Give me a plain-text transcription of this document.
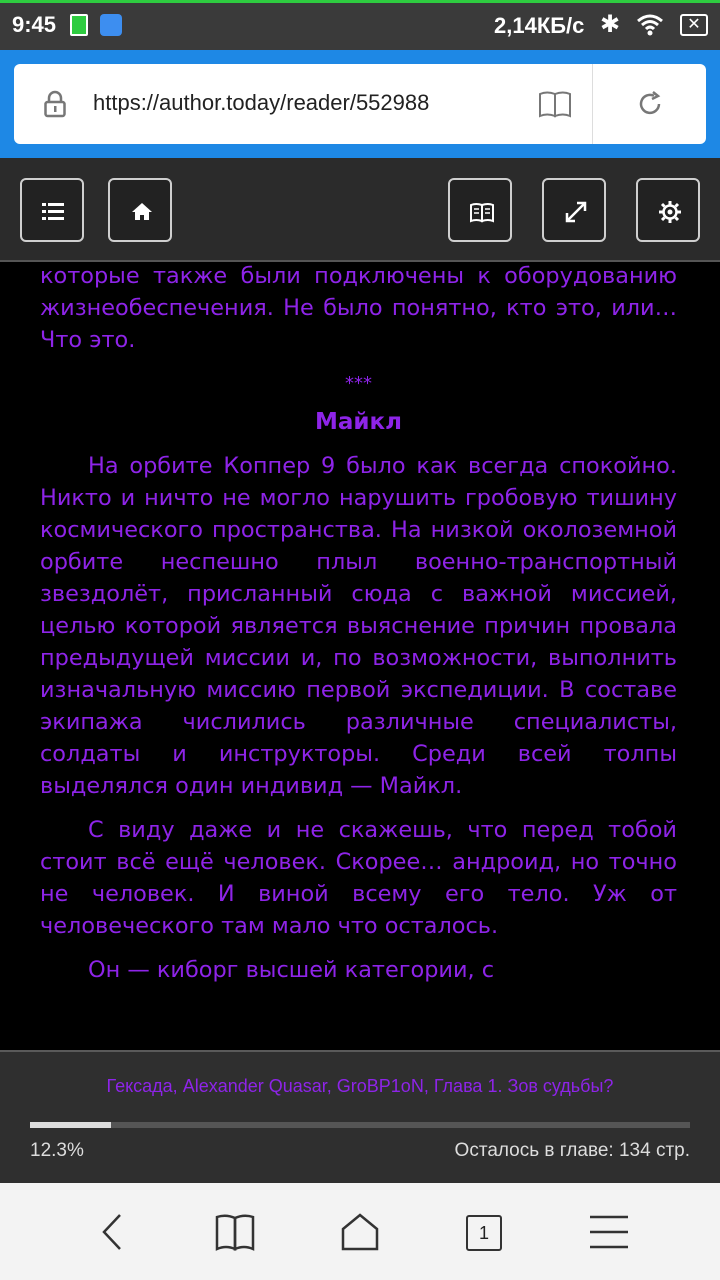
9:45	2,14КБ/с ✱	✕
https://author.today/reader/552988

которые также были подключены к оборудованию жизнеобеспечения. Не было понятно, кто это, или… Что это.

***
Майкл

На орбите Коппер 9 было как всегда спокойно. Никто и ничто не могло нарушить гробовую тишину космического пространства. На низкой околоземной орбите неспешно плыл военно-транспортный звездолёт, присланный сюда с важной миссией, целью которой является выяснение причин провала предыдущей миссии и, по возможности, выполнить изначальную миссию первой экспедиции. В составе экипажа числились различные специалисты, солдаты и инструкторы. Среди всей толпы выделялся один индивид — Майкл.

С виду даже и не скажешь, что перед тобой стоит всё ещё человек. Скорее… андроид, но точно не человек. И виной всему его тело. Уж от человеческого там мало что осталось.

Он — киборг высшей категории, с

Гексада, Alexander Quasar, GroBP1oN, Глава 1. Зов судьбы?
12.3%	Осталось в главе: 134 стр.
1
